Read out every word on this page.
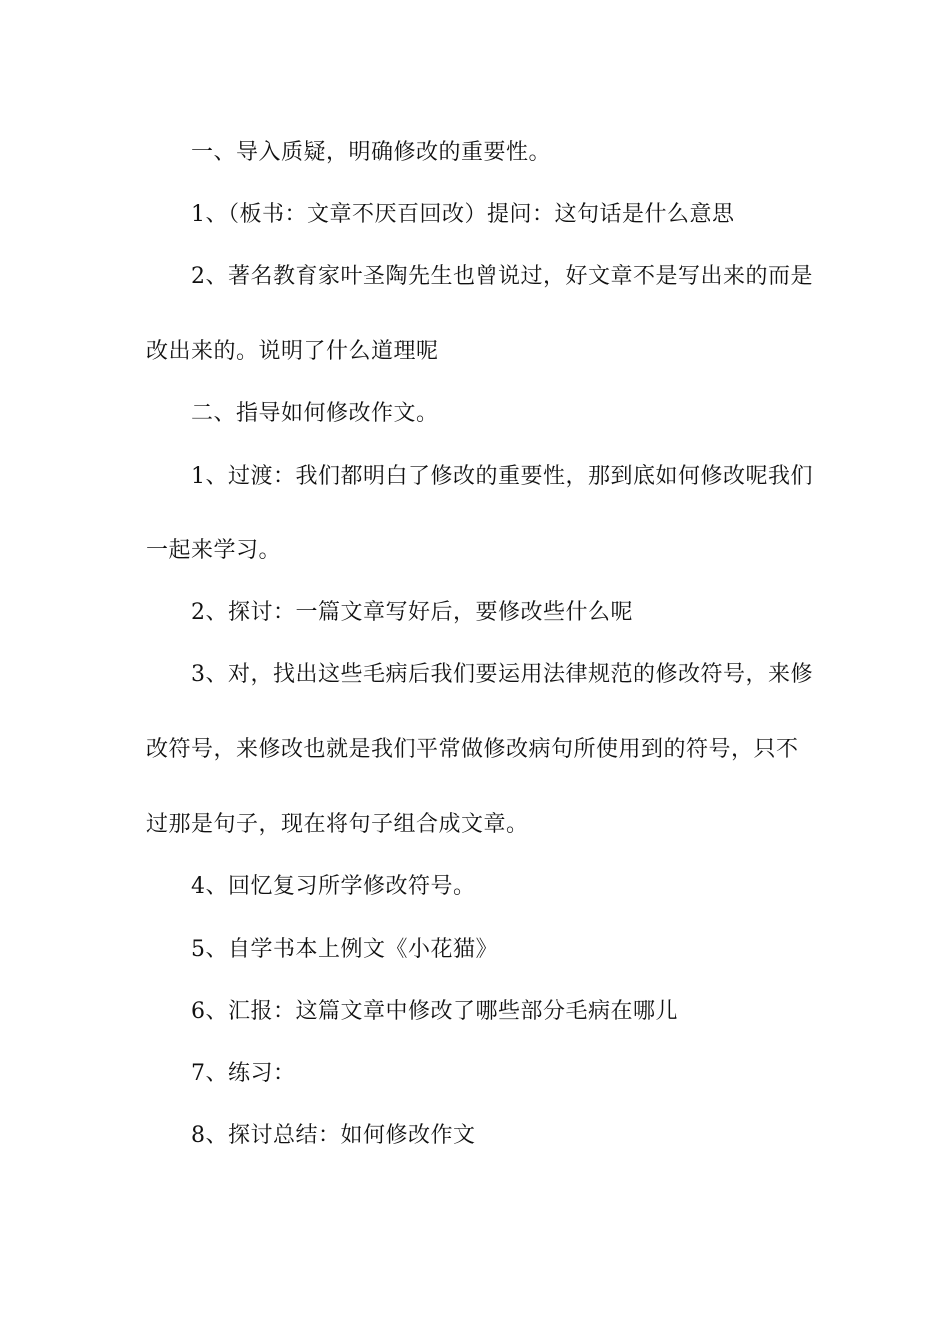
一、导入质疑，明确修改的重要性。
1、（板书：文章不厌百回改）提问：这句话是什么意思
2、著名教育家叶圣陶先生也曾说过，好文章不是写出来的而是
改出来的。说明了什么道理呢
二、指导如何修改作文。
1、过渡：我们都明白了修改的重要性，那到底如何修改呢我们
一起来学习。
2、探讨：一篇文章写好后，要修改些什么呢
3、对，找出这些毛病后我们要运用法律规范的修改符号，来修
改符号，来修改也就是我们平常做修改病句所使用到的符号，只不
过那是句子，现在将句子组合成文章。
4、回忆复习所学修改符号。
5、自学书本上例文《小花猫》
6、汇报：这篇文章中修改了哪些部分毛病在哪儿
7、练习：
8、探讨总结：如何修改作文
